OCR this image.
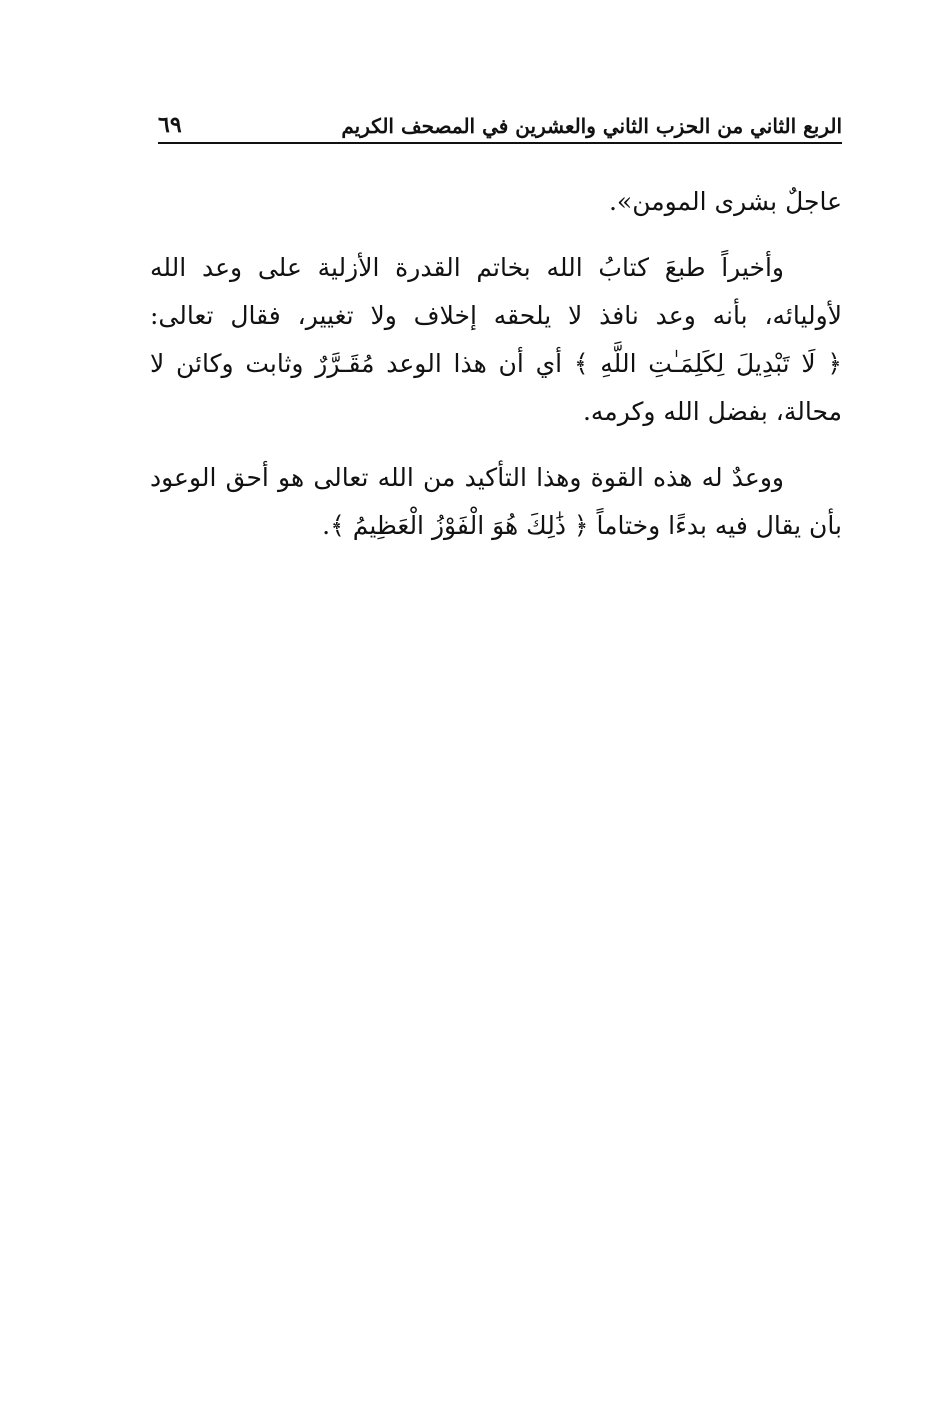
الربع الثاني من الحزب الثاني والعشرين في المصحف الكريم
٦٩

عاجلٌ بشرى المومن».

وأخيراً طبعَ كتابُ الله بخاتم القدرة الأزلية على وعد الله لأوليائه، بأنه وعد نافذ لا يلحقه إخلاف ولا تغيير، فقال تعالى: ﴿ لَا تَبْدِيلَ لِكَلِمَـٰتِ اللَّهِ ﴾ أي أن هذا الوعد مُقَـرَّرٌ وثابت وكائن لا محالة، بفضل الله وكرمه.

ووعدٌ له هذه القوة وهذا التأكيد من الله تعالى هو أحق الوعود بأن يقال فيه بدءًا وختاماً ﴿ ذَٰلِكَ هُوَ الْفَوْزُ الْعَظِيمُ ﴾.
